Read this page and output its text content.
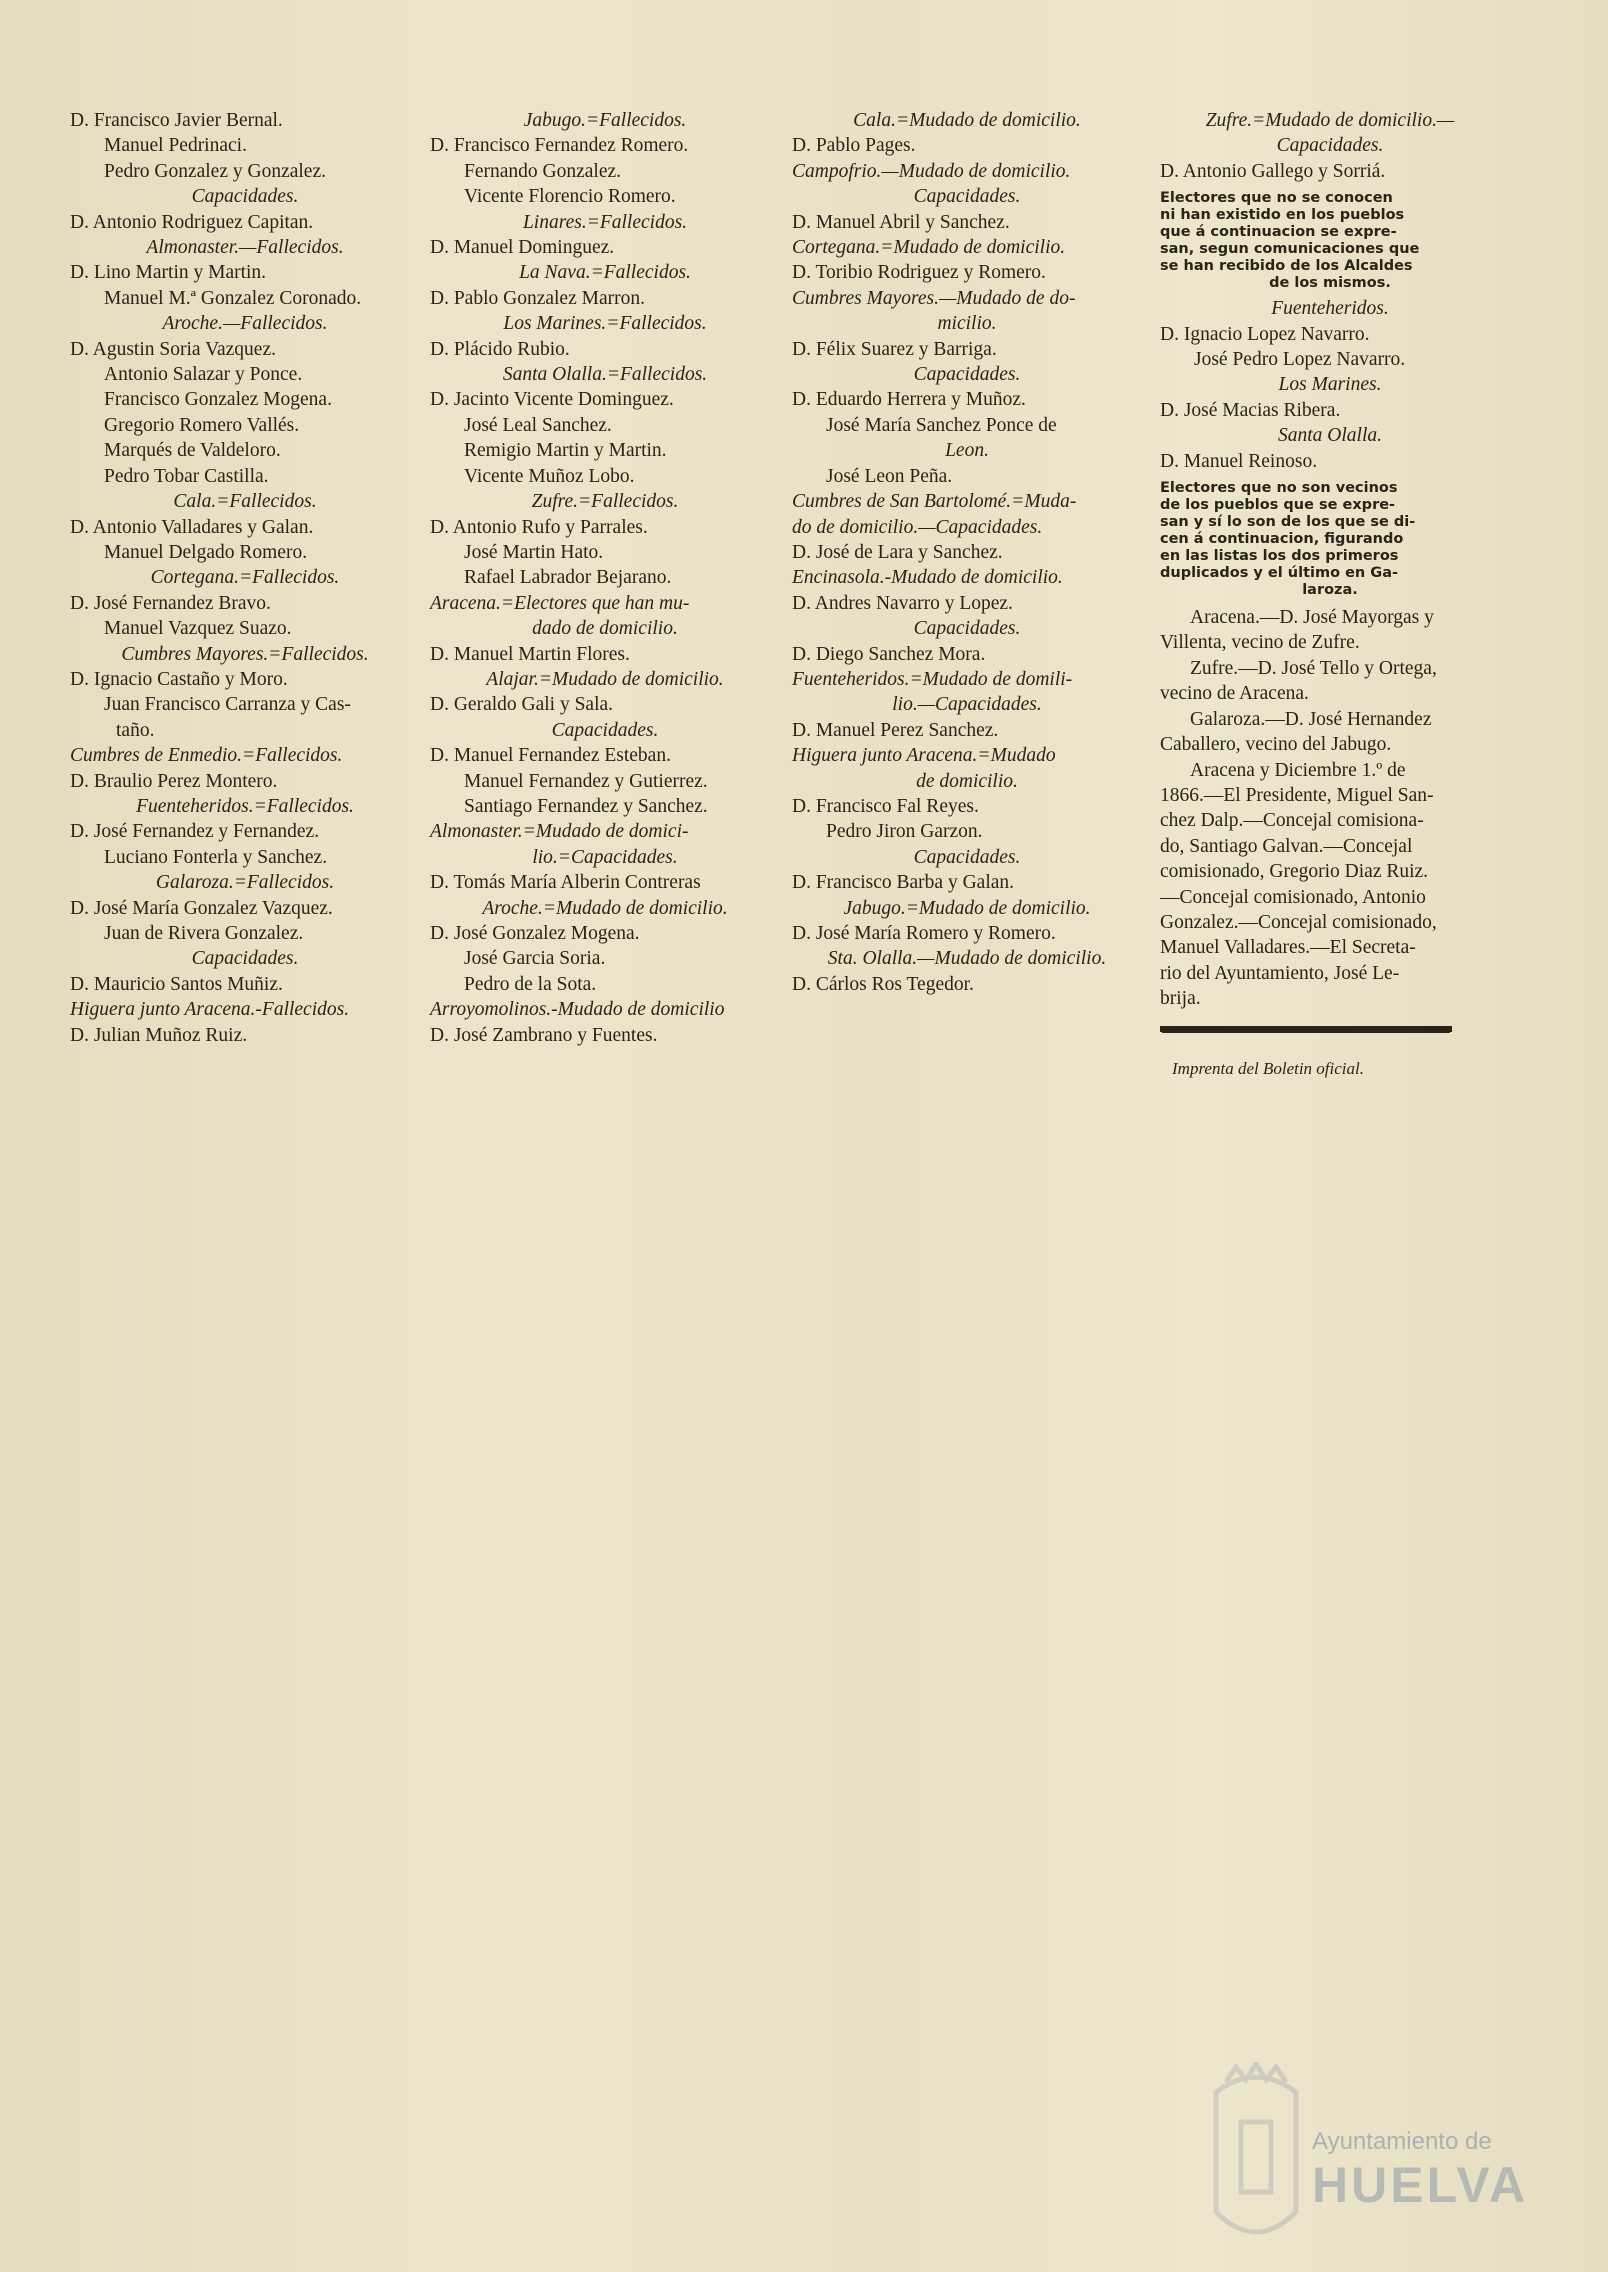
D. Francisco Javier Bernal.
Manuel Pedrinaci.
Pedro Gonzalez y Gonzalez.
Capacidades.
D. Antonio Rodriguez Capitan.
Almonaster.—Fallecidos.
D. Lino Martin y Martin.
Manuel M.ª Gonzalez Coronado.
Aroche.—Fallecidos.
D. Agustin Soria Vazquez.
Antonio Salazar y Ponce.
Francisco Gonzalez Mogena.
Gregorio Romero Vallés.
Marqués de Valdeloro.
Pedro Tobar Castilla.
Cala.=Fallecidos.
D. Antonio Valladares y Galan.
Manuel Delgado Romero.
Cortegana.=Fallecidos.
D. José Fernandez Bravo.
Manuel Vazquez Suazo.
Cumbres Mayores.=Fallecidos.
D. Ignacio Castaño y Moro.
Juan Francisco Carranza y Cas-
taño.
Cumbres de Enmedio.=Fallecidos.
D. Braulio Perez Montero.
Fuenteheridos.=Fallecidos.
D. José Fernandez y Fernandez.
Luciano Fonterla y Sanchez.
Galaroza.=Fallecidos.
D. José María Gonzalez Vazquez.
Juan de Rivera Gonzalez.
Capacidades.
D. Mauricio Santos Muñiz.
Higuera junto Aracena.-Fallecidos.
D. Julian Muñoz Ruiz.
Jabugo.=Fallecidos.
D. Francisco Fernandez Romero.
Fernando Gonzalez.
Vicente Florencio Romero.
Linares.=Fallecidos.
D. Manuel Dominguez.
La Nava.=Fallecidos.
D. Pablo Gonzalez Marron.
Los Marines.=Fallecidos.
D. Plácido Rubio.
Santa Olalla.=Fallecidos.
D. Jacinto Vicente Dominguez.
José Leal Sanchez.
Remigio Martin y Martin.
Vicente Muñoz Lobo.
Zufre.=Fallecidos.
D. Antonio Rufo y Parrales.
José Martin Hato.
Rafael Labrador Bejarano.
Aracena.=Electores que han mu-
dado de domicilio.
D. Manuel Martin Flores.
Alajar.=Mudado de domicilio.
D. Geraldo Gali y Sala.
Capacidades.
D. Manuel Fernandez Esteban.
Manuel Fernandez y Gutierrez.
Santiago Fernandez y Sanchez.
Almonaster.=Mudado de domici-
lio.=Capacidades.
D. Tomás María Alberin Contreras
Aroche.=Mudado de domicilio.
D. José Gonzalez Mogena.
José Garcia Soria.
Pedro de la Sota.
Arroyomolinos.-Mudado de domicilio
D. José Zambrano y Fuentes.
Cala.=Mudado de domicilio.
D. Pablo Pages.
Campofrio.—Mudado de domicilio.
Capacidades.
D. Manuel Abril y Sanchez.
Cortegana.=Mudado de domicilio.
D. Toribio Rodriguez y Romero.
Cumbres Mayores.—Mudado de do-
micilio.
D. Félix Suarez y Barriga.
Capacidades.
D. Eduardo Herrera y Muñoz.
José María Sanchez Ponce de
Leon.
José Leon Peña.
Cumbres de San Bartolomé.=Muda-
do de domicilio.—Capacidades.
D. José de Lara y Sanchez.
Encinasola.-Mudado de domicilio.
D. Andres Navarro y Lopez.
Capacidades.
D. Diego Sanchez Mora.
Fuenteheridos.=Mudado de domili-
lio.—Capacidades.
D. Manuel Perez Sanchez.
Higuera junto Aracena.=Mudado
de domicilio.
D. Francisco Fal Reyes.
Pedro Jiron Garzon.
Capacidades.
D. Francisco Barba y Galan.
Jabugo.=Mudado de domicilio.
D. José María Romero y Romero.
Sta. Olalla.—Mudado de domicilio.
D. Cárlos Ros Tegedor.
Zufre.=Mudado de domicilio.—
Capacidades.
D. Antonio Gallego y Sorriá.
Electores que no se conocen
ni han existido en los pueblos
que á continuacion se expre-
san, segun comunicaciones que
se han recibido de los Alcaldes
de los mismos.
Fuenteheridos.
D. Ignacio Lopez Navarro.
José Pedro Lopez Navarro.
Los Marines.
D. José Macias Ribera.
Santa Olalla.
D. Manuel Reinoso.
Electores que no son vecinos
de los pueblos que se expre-
san y sí lo son de los que se di-
cen á continuacion, figurando
en las listas los dos primeros
duplicados y el último en Ga-
laroza.
Aracena.—D. José Mayorgas y
Villenta, vecino de Zufre.
Zufre.—D. José Tello y Ortega,
vecino de Aracena.
Galaroza.—D. José Hernandez
Caballero, vecino del Jabugo.
Aracena y Diciembre 1.º de
1866.—El Presidente, Miguel San-
chez Dalp.—Concejal comisiona-
do, Santiago Galvan.—Concejal
comisionado, Gregorio Diaz Ruiz.
—Concejal comisionado, Antonio
Gonzalez.—Concejal comisionado,
Manuel Valladares.—El Secreta-
rio del Ayuntamiento, José Le-
brija.
Imprenta del Boletin oficial.
Ayuntamiento de
HUELVA
